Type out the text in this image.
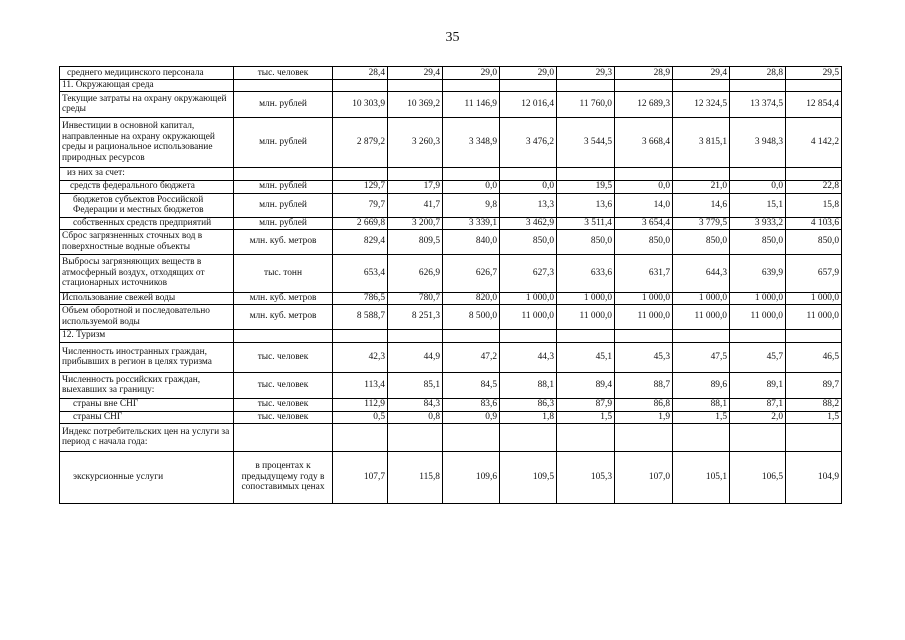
35
среднего медицинского персонала	тыс. человек	28,4	29,4	29,0	29,0	29,3	28,9	29,4	28,8	29,5
11. Окружающая среда										
Текущие затраты на охрану окружающей среды	млн. рублей	10 303,9	10 369,2	11 146,9	12 016,4	11 760,0	12 689,3	12 324,5	13 374,5	12 854,4
Инвестиции в основной капитал, направленные на охрану окружающей среды и рациональное использование природных ресурсов	млн. рублей	2 879,2	3 260,3	3 348,9	3 476,2	3 544,5	3 668,4	3 815,1	3 948,3	4 142,2
из них за счет:										
средств федерального бюджета	млн. рублей	129,7	17,9	0,0	0,0	19,5	0,0	21,0	0,0	22,8
бюджетов субъектов Российской Федерации и местных бюджетов	млн. рублей	79,7	41,7	9,8	13,3	13,6	14,0	14,6	15,1	15,8
собственных средств предприятий	млн. рублей	2 669,8	3 200,7	3 339,1	3 462,9	3 511,4	3 654,4	3 779,5	3 933,2	4 103,6
Сброс загрязненных сточных вод в поверхностные водные объекты	млн. куб. метров	829,4	809,5	840,0	850,0	850,0	850,0	850,0	850,0	850,0
Выбросы загрязняющих веществ в атмосферный воздух, отходящих от стационарных источников	тыс. тонн	653,4	626,9	626,7	627,3	633,6	631,7	644,3	639,9	657,9
Использование свежей воды	млн. куб. метров	786,5	780,7	820,0	1 000,0	1 000,0	1 000,0	1 000,0	1 000,0	1 000,0
Объем оборотной и последовательно используемой воды	млн. куб. метров	8 588,7	8 251,3	8 500,0	11 000,0	11 000,0	11 000,0	11 000,0	11 000,0	11 000,0
12. Туризм										
Численность иностранных граждан, прибывших в регион в целях туризма	тыс. человек	42,3	44,9	47,2	44,3	45,1	45,3	47,5	45,7	46,5
Численность российских граждан, выехавших за границу:	тыс. человек	113,4	85,1	84,5	88,1	89,4	88,7	89,6	89,1	89,7
страны вне СНГ	тыс. человек	112,9	84,3	83,6	86,3	87,9	86,8	88,1	87,1	88,2
страны СНГ	тыс. человек	0,5	0,8	0,9	1,8	1,5	1,9	1,5	2,0	1,5
Индекс потребительских цен на услуги за период с начала года:										
экскурсионные услуги	в процентах к предыдущему году в сопоставимых ценах	107,7	115,8	109,6	109,5	105,3	107,0	105,1	106,5	104,9
